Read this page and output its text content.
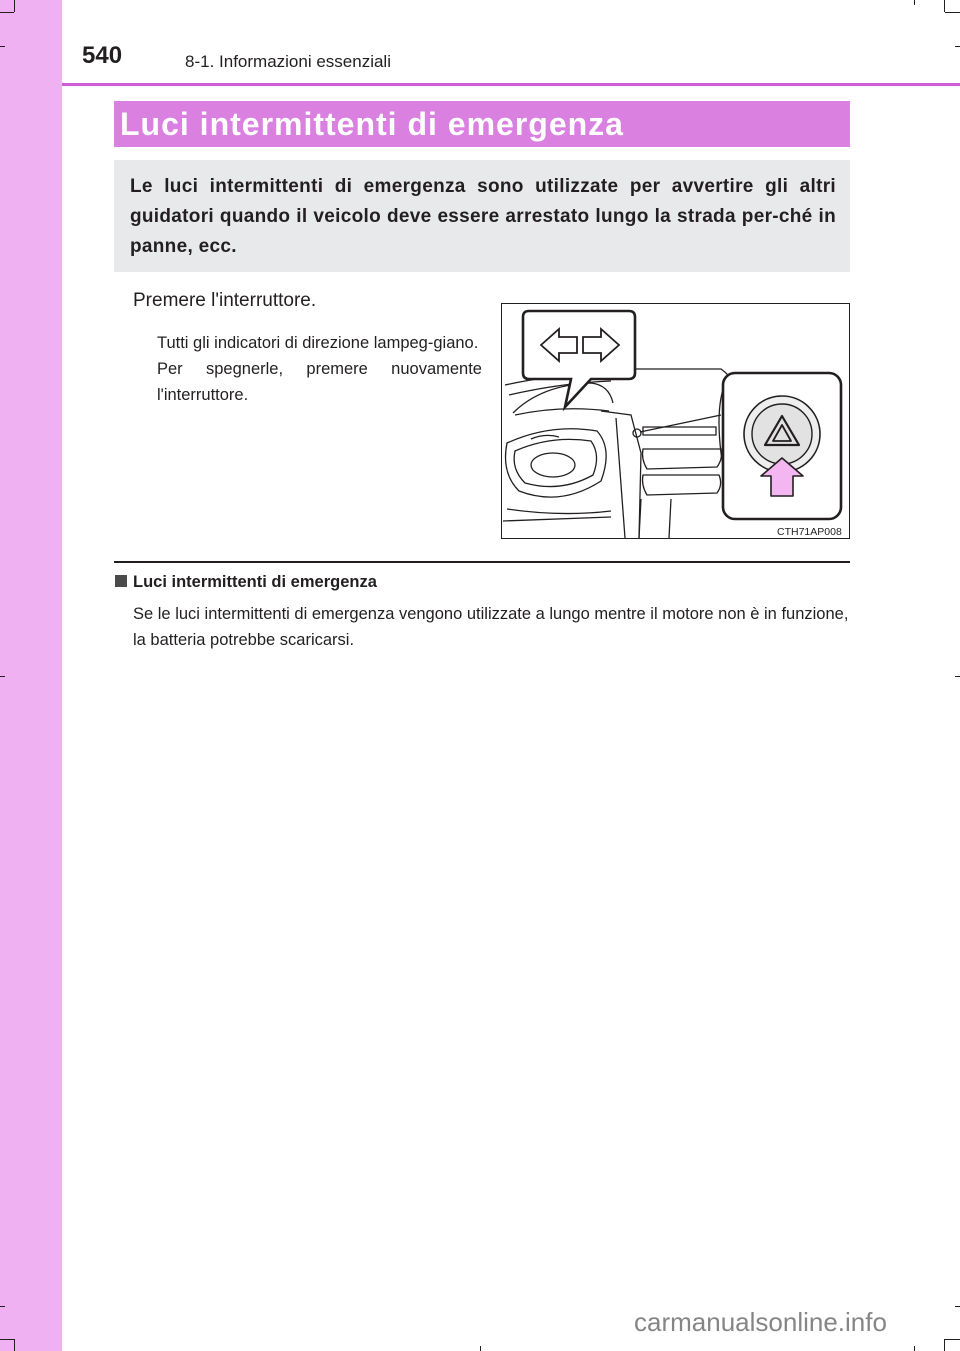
540	8-1. Informazioni essenziali
Luci intermittenti di emergenza

Le luci intermittenti di emergenza sono utilizzate per avvertire gli altri guidatori quando il veicolo deve essere arrestato lungo la strada per-ché in panne, ecc.

Premere l'interruttore.

Tutti gli indicatori di direzione lampeg-giano.
Per spegnerle, premere nuovamente l'interruttore.
CTH71AP008

Luci intermittenti di emergenza

Se le luci intermittenti di emergenza vengono utilizzate a lungo mentre il motore non è in funzione, la batteria potrebbe scaricarsi.

carmanualsonline.info
